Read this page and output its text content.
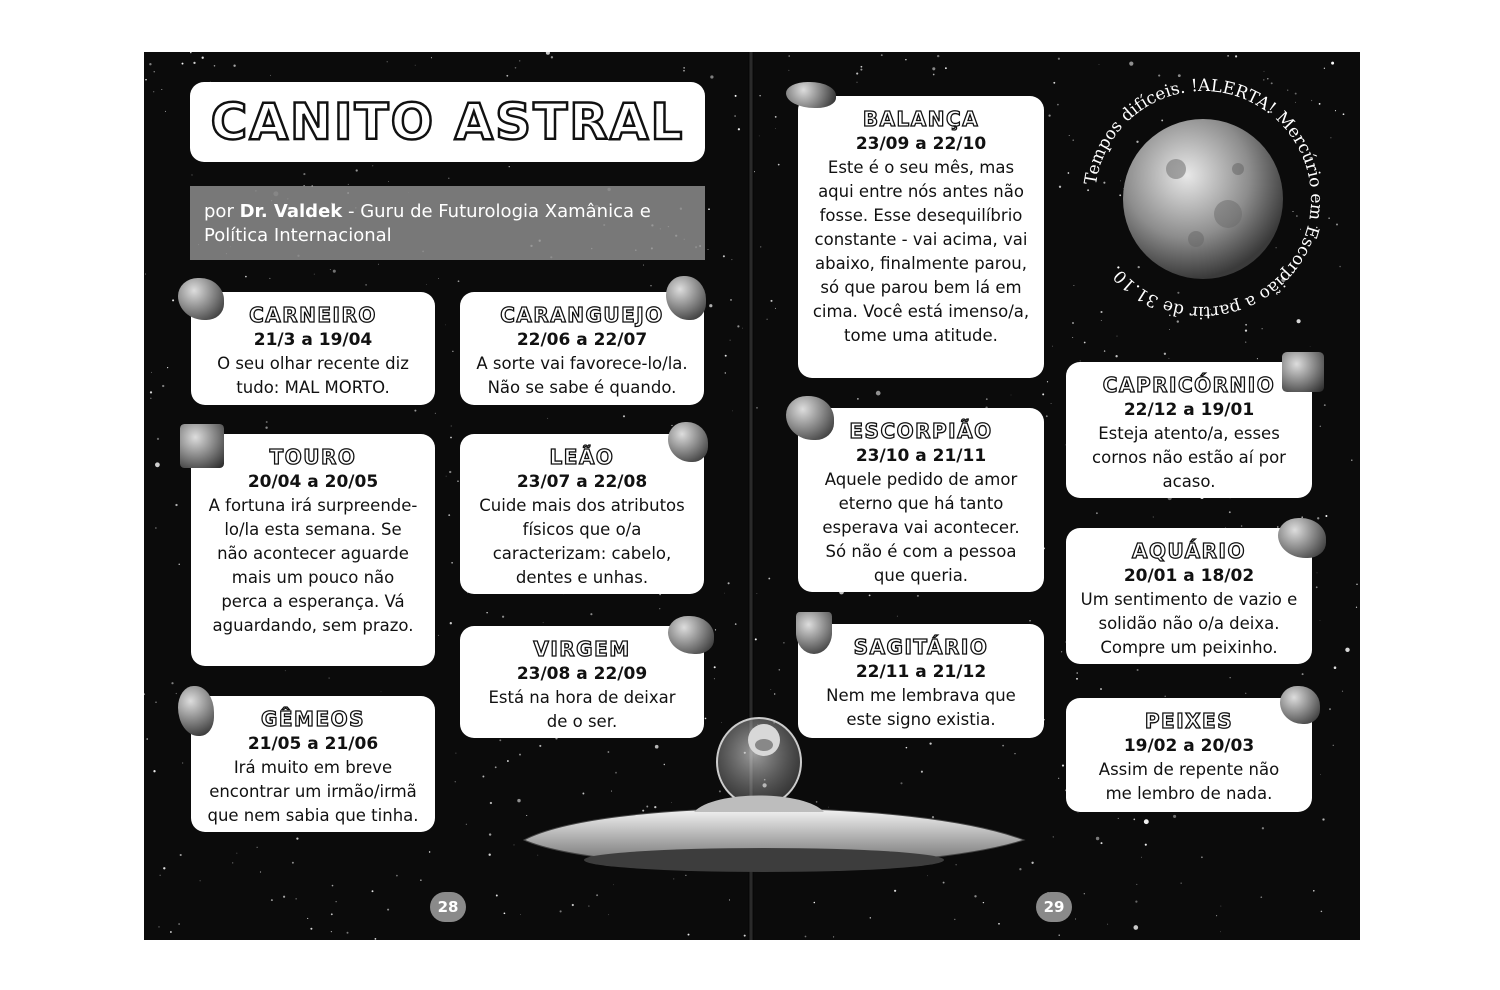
CANITO ASTRAL
por Dr. Valdek - Guru de Futurologia Xamânica e Política Internacional
CARNEIRO
21/3 a 19/04
O seu olhar recente diz tudo: MAL MORTO.
CARANGUEJO
22/06 a 22/07
A sorte vai favorece-lo/la. Não se sabe é quando.
TOURO
20/04 a 20/05
A fortuna irá surpreende-lo/la esta semana. Se não acontecer aguarde mais um pouco não perca a esperança. Vá aguardando, sem prazo.
LEÃO
23/07 a 22/08
Cuide mais dos atributos físicos que o/a caracterizam: cabelo, dentes e unhas.
VIRGEM
23/08 a 22/09
Está na hora de deixar de o ser.
GÊMEOS
21/05 a 21/06
Irá muito em breve encontrar um irmão/irmã que nem sabia que tinha.
28
BALANÇA
23/09 a 22/10
Este é o seu mês, mas aqui entre nós antes não fosse. Esse desequilíbrio constante - vai acima, vai abaixo, finalmente parou, só que parou bem lá em cima. Você está imenso/a, tome uma atitude.
ESCORPIÃO
23/10 a 21/11
Aquele pedido de amor eterno que há tanto esperava vai acontecer. Só não é com a pessoa que queria.
SAGITÁRIO
22/11 a 21/12
Nem me lembrava que este signo existia.
CAPRICÓRNIO
22/12 a 19/01
Esteja atento/a, esses cornos não estão aí por acaso.
AQUÁRIO
20/01 a 18/02
Um sentimento de vazio e solidão não o/a deixa. Compre um peixinho.
PEIXES
19/02 a 20/03
Assim de repente não me lembro de nada.
Tempos difíceis. !ALERTA! Mercúrio em Escorpião a partir de 31.10.
29
